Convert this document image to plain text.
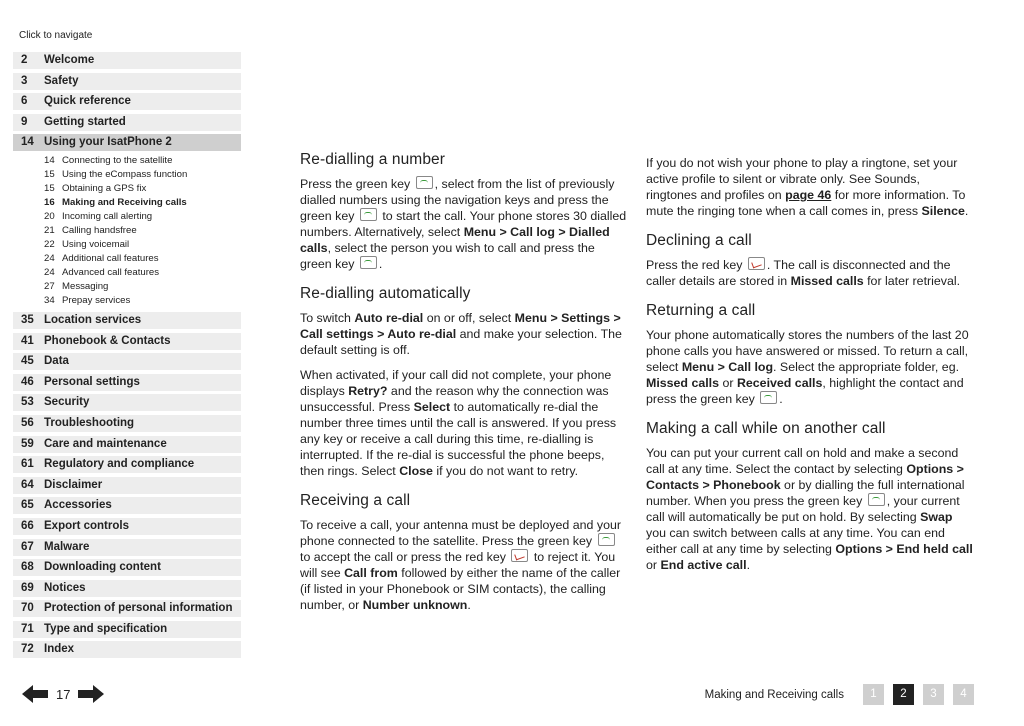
Click to navigate
2	Welcome
3	Safety
6	Quick reference
9	Getting started
14 Using your IsatPhone 2
14 Connecting to the satellite
15 Using the eCompass function
15 Obtaining a GPS fix
16 Making and Receiving calls
20 Incoming call alerting
21 Calling handsfree
22 Using voicemail
24 Additional call features
24 Advanced call features
27 Messaging
34 Prepay services
35 Location services
41 Phonebook & Contacts
45 Data
46 Personal settings
53 Security
56 Troubleshooting
59 Care and maintenance
61 Regulatory and compliance
64 Disclaimer
65 Accessories
66 Export controls
67 Malware
68 Downloading content
69 Notices
70 Protection of personal information
71 Type and specification
72 Index
Re-dialling a number

Press the green key , select from the list of previously dialled numbers using the navigation keys and press the green key to start the call. Your phone stores 30 dialled numbers. Alternatively, select Menu > Call log > Dialled calls, select the person you wish to call and press the green key .

Re-dialling automatically

To switch Auto re-dial on or off, select Menu > Settings > Call settings > Auto re-dial and make your selection. The default setting is off.

When activated, if your call did not complete, your phone displays Retry? and the reason why the connection was unsuccessful. Press Select to automatically re-dial the number three times until the call is answered. If you press any key or receive a call during this time, re-dialling is interrupted. If the re-dial is successful the phone beeps, then rings. Select Close if you do not want to retry.

Receiving a call

To receive a call, your antenna must be deployed and your phone connected to the satellite. Press the green key  to accept the call or press the red key to reject it. You will see Call from followed by either the name of the caller (if listed in your Phonebook or SIM contacts), the calling number, or Number unknown.

If you do not wish your phone to play a ringtone, set your active profile to silent or vibrate only. See Sounds, ringtones and profiles on page 46 for more information. To mute the ringing tone when a call comes in, press Silence.

Declining a call

Press the red key . The call is disconnected and the caller details are stored in Missed calls for later retrieval.

Returning a call

Your phone automatically stores the numbers of the last 20 phone calls you have answered or missed. To return a call, select Menu > Call log. Select the appropriate folder, eg. Missed calls or Received calls, highlight the contact and press the green key .

Making a call while on another call

You can put your current call on hold and make a second call at any time. Select the contact by selecting Options > Contacts > Phonebook or by dialling the full international number. When you press the green key , your current call will automatically be put on hold. By selecting Swap you can switch between calls at any time. You can end either call at any time by selecting Options > End held call or End active call.

17	Making and Receiving calls	1	2	3	4
